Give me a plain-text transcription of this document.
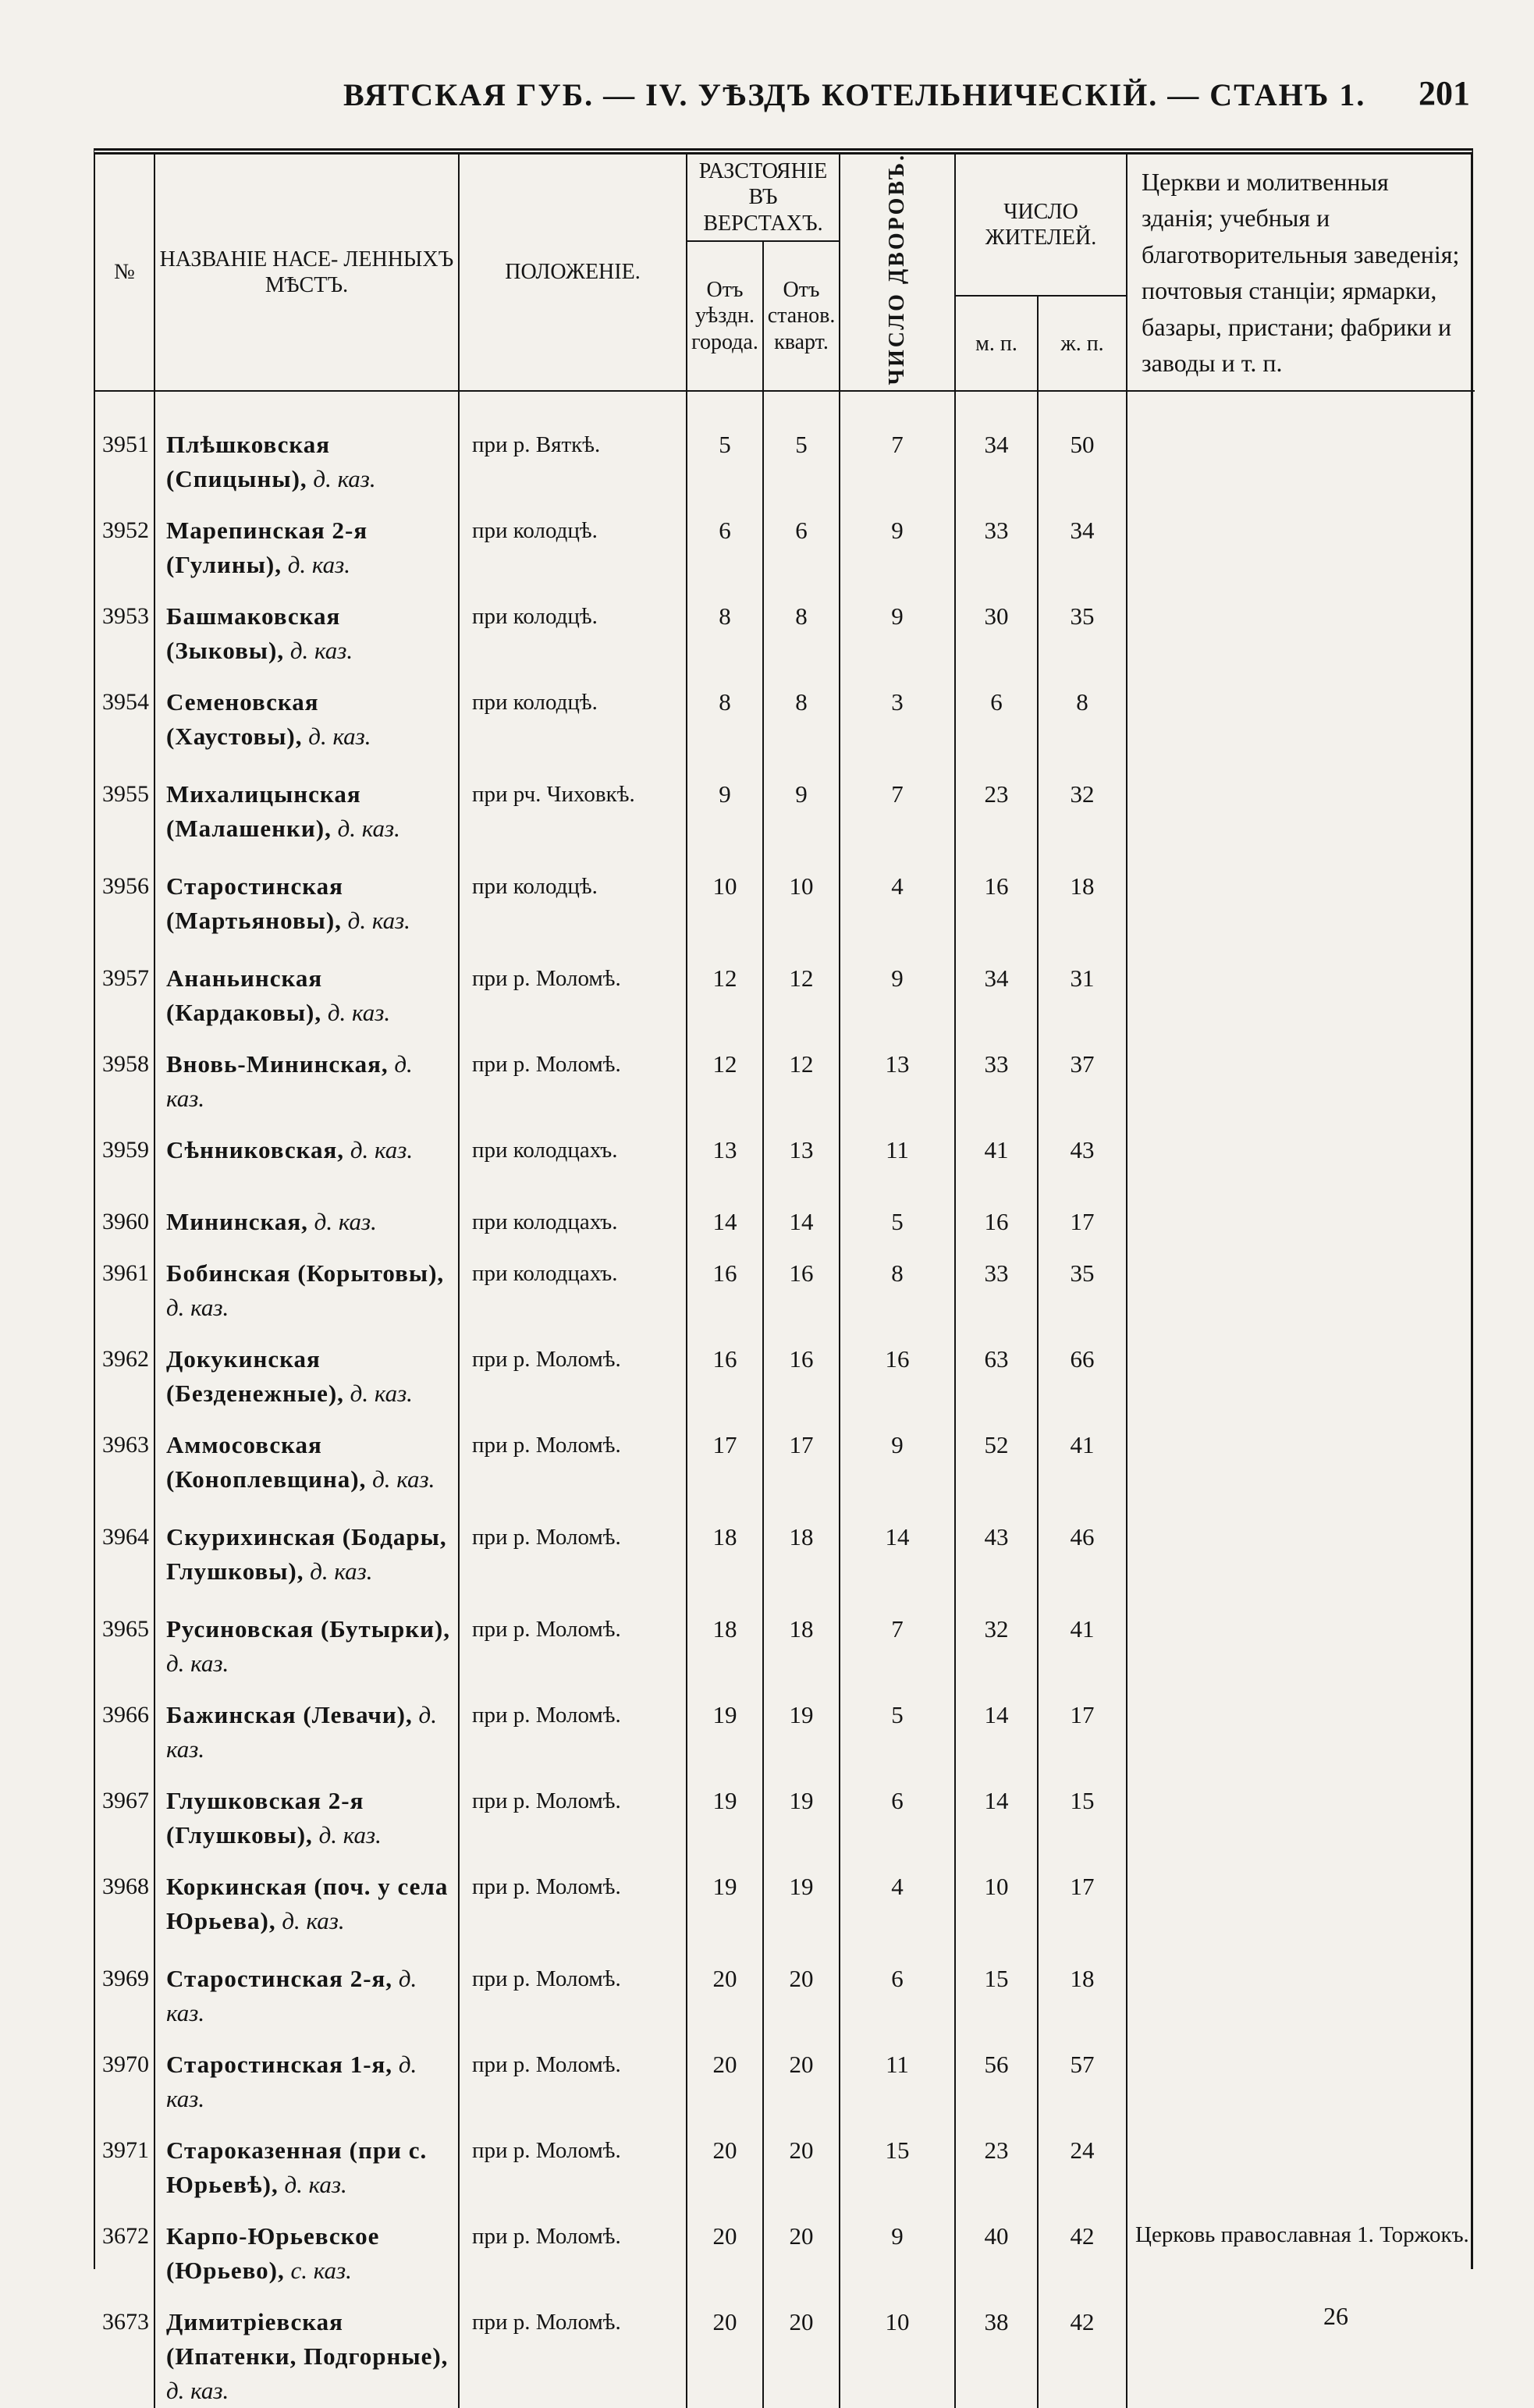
ВЯТСКАЯ ГУБ. — IV. УѢЗДЪ КОТЕЛЬНИЧЕСКІЙ. — СТАНЪ 1. 201
№	НАЗВАНІЕ НАСЕ- ЛЕННЫХЪ МѢСТЪ.	ПОЛОЖЕНІЕ.	РАЗСТОЯНІЕ ВЪ ВЕРСТАХЪ.		ЧИСЛО ДВОРОВЪ.	ЧИСЛО ЖИТЕЛЕЙ.		Церкви и молитвенныя зданія; учебныя и благотворительныя заведенія; почтовыя станціи; ярмарки, базары, пристани; фабрики и заводы и т. п.
			Отъ уѣздн. города.	Отъ станов. кварт.				
						м. п.	ж. п.	
3951	Плѣшковская (Спицыны), д. каз.	при р. Вяткѣ.	5	5	7	34	50	
3952	Марепинская 2-я (Гулины), д. каз.	при колодцѣ.	6	6	9	33	34	
3953	Башмаковская (Зыковы), д. каз.	при колодцѣ.	8	8	9	30	35	
3954	Семеновская (Хаустовы), д. каз.	при колодцѣ.	8	8	3	6	8	
3955	Михалицынская (Малашенки), д. каз.	при рч. Чиховкѣ.	9	9	7	23	32	
3956	Старостинская (Мартьяновы), д. каз.	при колодцѣ.	10	10	4	16	18	
3957	Ананьинская (Кардаковы), д. каз.	при р. Моломѣ.	12	12	9	34	31	
3958	Вновь-Мининская, д. каз.	при р. Моломѣ.	12	12	13	33	37	
3959	Сѣнниковская, д. каз.	при колодцахъ.	13	13	11	41	43	
3960	Мининская, д. каз.	при колодцахъ.	14	14	5	16	17	
3961	Бобинская (Корытовы), д. каз.	при колодцахъ.	16	16	8	33	35	
3962	Докукинская (Безденежные), д. каз.	при р. Моломѣ.	16	16	16	63	66	
3963	Аммосовская (Коноплевщина), д. каз.	при р. Моломѣ.	17	17	9	52	41	
3964	Скурихинская (Бодары, Глушковы), д. каз.	при р. Моломѣ.	18	18	14	43	46	
3965	Русиновская (Бутырки), д. каз.	при р. Моломѣ.	18	18	7	32	41	
3966	Бажинская (Левачи), д. каз.	при р. Моломѣ.	19	19	5	14	17	
3967	Глушковская 2-я (Глушковы), д. каз.	при р. Моломѣ.	19	19	6	14	15	
3968	Коркинская (поч. у села Юрьева), д. каз.	при р. Моломѣ.	19	19	4	10	17	
3969	Старостинская 2-я, д. каз.	при р. Моломѣ.	20	20	6	15	18	
3970	Старостинская 1-я, д. каз.	при р. Моломѣ.	20	20	11	56	57	
3971	Староказенная (при с. Юрьевѣ), д. каз.	при р. Моломѣ.	20	20	15	23	24	
3672	Карпо-Юрьевское (Юрьево), с. каз.	при р. Моломѣ.	20	20	9	40	42	Церковь православная 1. Торжокъ.
3673	Димитріевская (Ипатенки, Подгорные), д. каз.	при р. Моломѣ.	20	20	10	38	42		26
